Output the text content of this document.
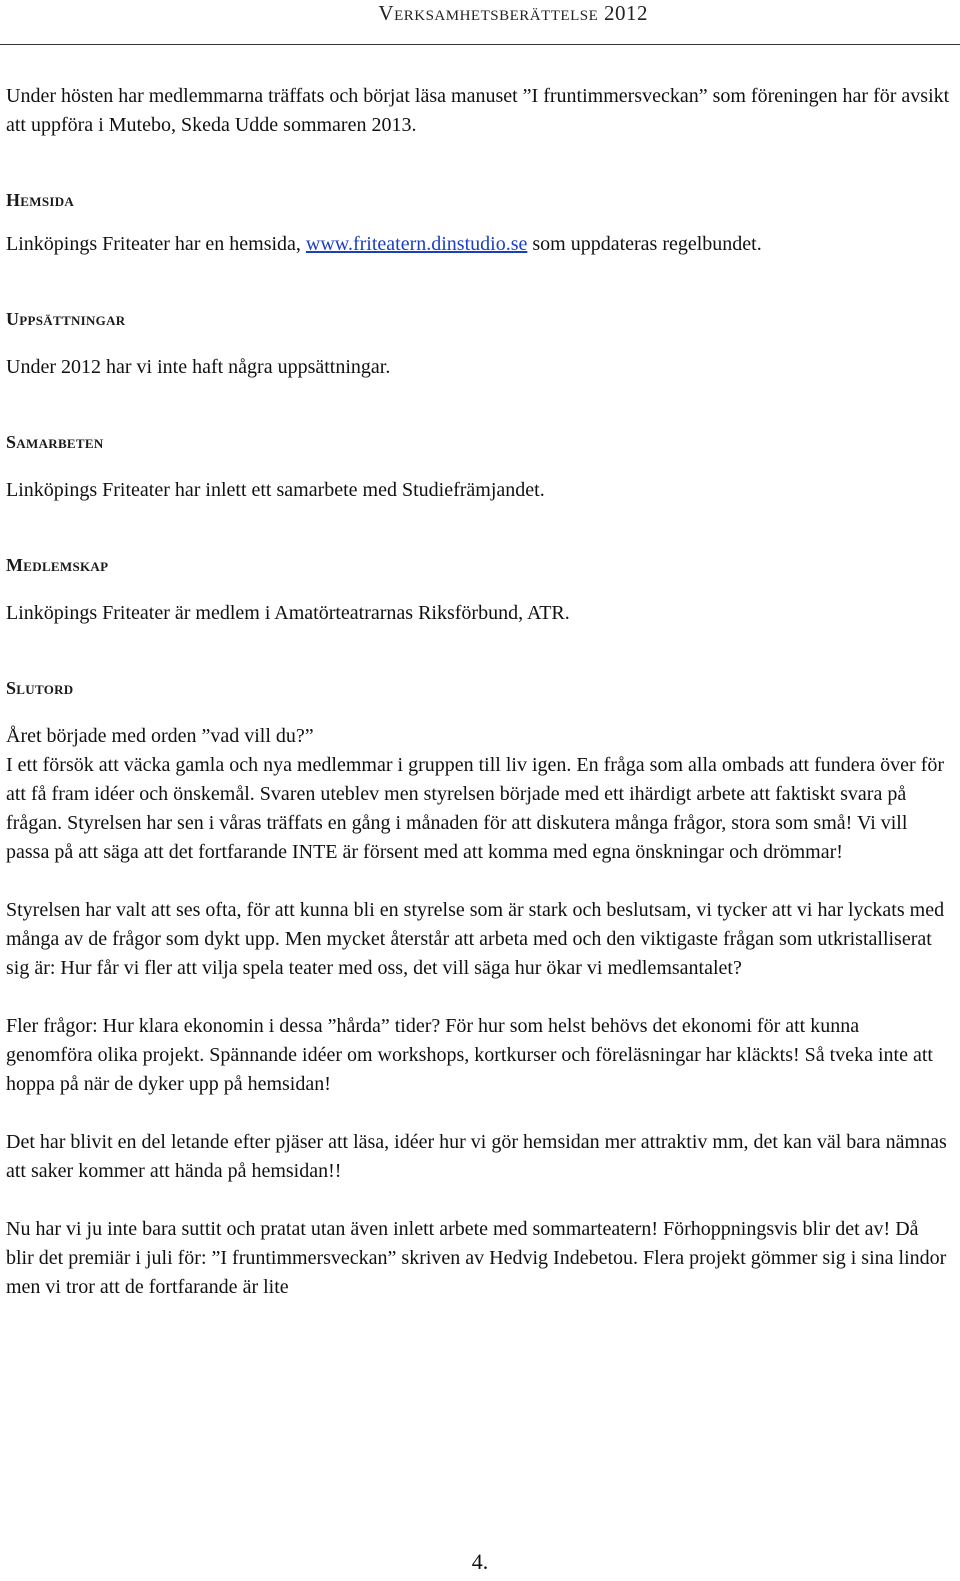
Verksamhetsberättelse 2012

Under hösten har medlemmarna träffats och börjat läsa manuset ”I fruntimmersveckan” som föreningen har för avsikt att uppföra i Mutebo, Skeda Udde sommaren 2013.

Hemsida

Linköpings Friteater har en hemsida, www.friteatern.dinstudio.se som uppdateras regelbundet.

Uppsättningar

Under 2012 har vi inte haft några uppsättningar.

Samarbeten

Linköpings Friteater har inlett ett samarbete med Studiefrämjandet.

Medlemskap

Linköpings Friteater är medlem i Amatörteatrarnas Riksförbund, ATR.

Slutord

Året började med orden ”vad vill du?”
I ett försök att väcka gamla och nya medlemmar i gruppen till liv igen. En fråga som alla ombads att fundera över för att få fram idéer och önskemål. Svaren uteblev men styrelsen började med ett ihärdigt arbete att faktiskt svara på frågan. Styrelsen har sen i våras träffats en gång i månaden för att diskutera många frågor, stora som små! Vi vill passa på att säga att det fortfarande INTE är försent med att komma med egna önskningar och drömmar!

Styrelsen har valt att ses ofta, för att kunna bli en styrelse som är stark och beslutsam, vi tycker att vi har lyckats med många av de frågor som dykt upp. Men mycket återstår att arbeta med och den viktigaste frågan som utkristalliserat sig är: Hur får vi fler att vilja spela teater med oss, det vill säga hur ökar vi medlemsantalet?

Fler frågor: Hur klara ekonomin i dessa ”hårda” tider? För hur som helst behövs det ekonomi för att kunna genomföra olika projekt. Spännande idéer om workshops, kortkurser och föreläsningar har kläckts! Så tveka inte att hoppa på när de dyker upp på hemsidan!

Det har blivit en del letande efter pjäser att läsa, idéer hur vi gör hemsidan mer attraktiv mm, det kan väl bara nämnas att saker kommer att hända på hemsidan!!

Nu har vi ju inte bara suttit och pratat utan även inlett arbete med sommarteatern! Förhoppningsvis blir det av! Då blir det premiär i juli för: ”I fruntimmersveckan” skriven av Hedvig Indebetou. Flera projekt gömmer sig i sina lindor men vi tror att de fortfarande är lite

4.
